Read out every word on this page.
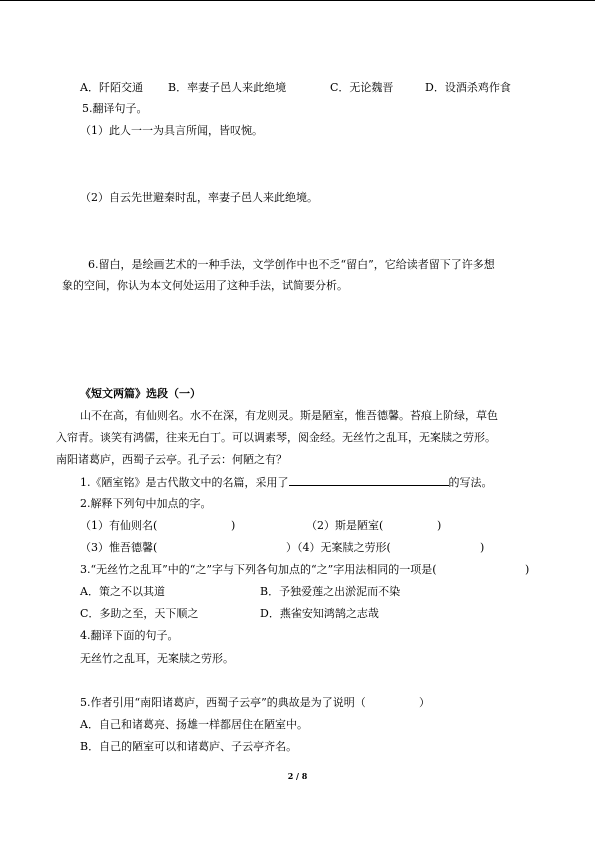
A．阡陌交通 B．率妻子邑人来此绝境	C．无论魏晋	D．设酒杀鸡作食
5.翻译句子。
（1）此人一一为具言所闻，皆叹惋。
（2）自云先世避秦时乱，率妻子邑人来此绝境。
6.留白，是绘画艺术的一种手法，文学创作中也不乏“留白”，它给读者留下了许多想
象的空间，你认为本文何处运用了这种手法，试简要分析。
《短文两篇》选段（一）
山不在高，有仙则名。水不在深，有龙则灵。斯是陋室，惟吾德馨。苔痕上阶绿，草色
入帘青。谈笑有鸿儒，往来无白丁。可以调素琴，阅金经。无丝竹之乱耳，无案牍之劳形。
南阳诸葛庐，西蜀子云亭。孔子云：何陋之有？
1.《陋室铭》是古代散文中的名篇，采用了	的写法。
2.解释下列句中加点的字。
（1）有仙则名(	)	（2）斯是陋室(	)
（3）惟吾德馨(	）（4）无案牍之劳形(	)
3.“无丝竹之乱耳”中的“之”字与下列各句加点的“之”字用法相同的一项是(	)
A．策之不以其道	B．予独爱莲之出淤泥而不染
C．多助之至，天下顺之	D．燕雀安知鸿鹄之志哉
4.翻译下面的句子。
无丝竹之乱耳，无案牍之劳形。
5.作者引用“南阳诸葛庐，西蜀子云亭”的典故是为了说明（	）
A．自己和诸葛亮、扬雄一样都居住在陋室中。
B．自己的陋室可以和诸葛庐、子云亭齐名。
2 / 8
